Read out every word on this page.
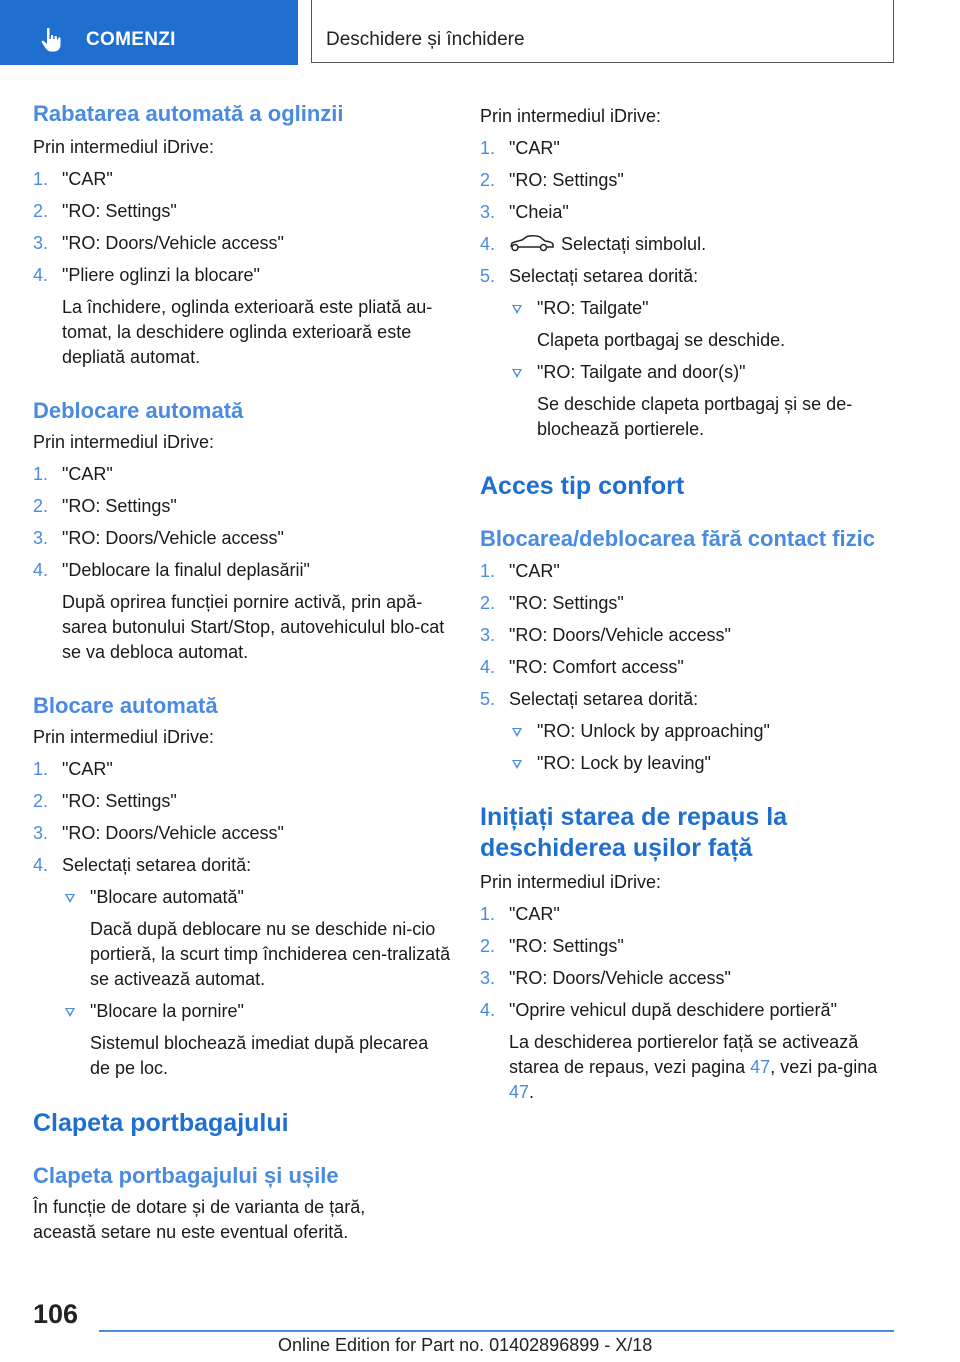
COMENZI	Deschidere și închidere
Rabatarea automată a oglinzii

Prin intermediul iDrive:

1. "CAR"
2. "RO: Settings"
3. "RO: Doors/Vehicle access"
4. "Pliere oglinzi la blocare"
La închidere, oglinda exterioară este pliată au-tomat, la deschidere oglinda exterioară este depliată automat.
Deblocare automată

Prin intermediul iDrive:

1. "CAR"
2. "RO: Settings"
3. "RO: Doors/Vehicle access"
4. "Deblocare la finalul deplasării"
După oprirea funcției pornire activă, prin apă-sarea butonului Start/Stop, autovehiculul blo-cat se va debloca automat.
Blocare automată

Prin intermediul iDrive:

1. "CAR"
2. "RO: Settings"
3. "RO: Doors/Vehicle access"
4. Selectați setarea dorită:
"Blocare automată"
Dacă după deblocare nu se deschide ni-cio portieră, la scurt timp închiderea cen-tralizată se activează automat.
"Blocare la pornire"
Sistemul blochează imediat după plecarea de pe loc.
Clapeta portbagajului
Clapeta portbagajului și ușile

În funcție de dotare și de varianta de țară, această setare nu este eventual oferită.

Prin intermediul iDrive:

1. "CAR"
2. "RO: Settings"
3. "Cheia"
4.	Selectați simbolul.
5. Selectați setarea dorită:
"RO: Tailgate"
Clapeta portbagaj se deschide.
"RO: Tailgate and door(s)"
Se deschide clapeta portbagaj și se de-blochează portierele.
Acces tip confort
Blocarea/deblocarea fără contact fizic
1. "CAR"
2. "RO: Settings"
3. "RO: Doors/Vehicle access"
4. "RO: Comfort access"
5. Selectați setarea dorită:
"RO: Unlock by approaching"
"RO: Lock by leaving"
Inițiați starea de repaus la deschiderea ușilor față

Prin intermediul iDrive:

1. "CAR"
2. "RO: Settings"
3. "RO: Doors/Vehicle access"
4. "Oprire vehicul după deschidere portieră"
La deschiderea portierelor față se activează starea de repaus, vezi pagina 47, vezi pa-gina 47.
106
Online Edition for Part no. 01402896899 - X/18
